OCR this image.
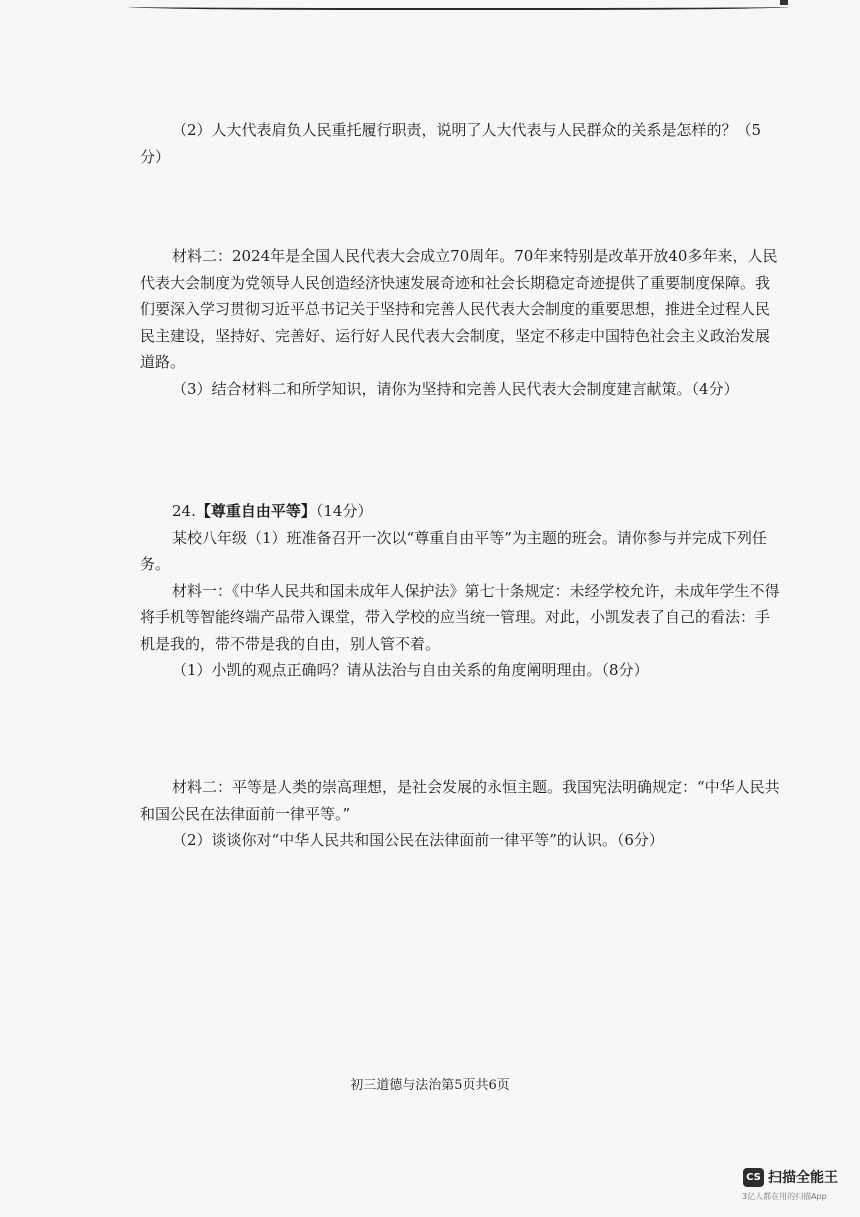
（2）人大代表肩负人民重托履行职责，说明了人大代表与人民群众的关系是怎样的？（5分）

材料二：2024年是全国人民代表大会成立70周年。70年来特别是改革开放40多年来，人民代表大会制度为党领导人民创造经济快速发展奇迹和社会长期稳定奇迹提供了重要制度保障。我们要深入学习贯彻习近平总书记关于坚持和完善人民代表大会制度的重要思想，推进全过程人民民主建设，坚持好、完善好、运行好人民代表大会制度，坚定不移走中国特色社会主义政治发展道路。

（3）结合材料二和所学知识，请你为坚持和完善人民代表大会制度建言献策。（4分）

24.【尊重自由平等】（14分）

某校八年级（1）班准备召开一次以“尊重自由平等”为主题的班会。请你参与并完成下列任务。

材料一：《中华人民共和国未成年人保护法》第七十条规定：未经学校允许，未成年学生不得将手机等智能终端产品带入课堂，带入学校的应当统一管理。对此，小凯发表了自己的看法：手机是我的，带不带是我的自由，别人管不着。

（1）小凯的观点正确吗？请从法治与自由关系的角度阐明理由。（8分）

材料二：平等是人类的崇高理想，是社会发展的永恒主题。我国宪法明确规定：“中华人民共和国公民在法律面前一律平等。”

（2）谈谈你对“中华人民共和国公民在法律面前一律平等”的认识。（6分）

初三道德与法治第5页共6页
CS 扫描全能王
3亿人都在用的扫描App
